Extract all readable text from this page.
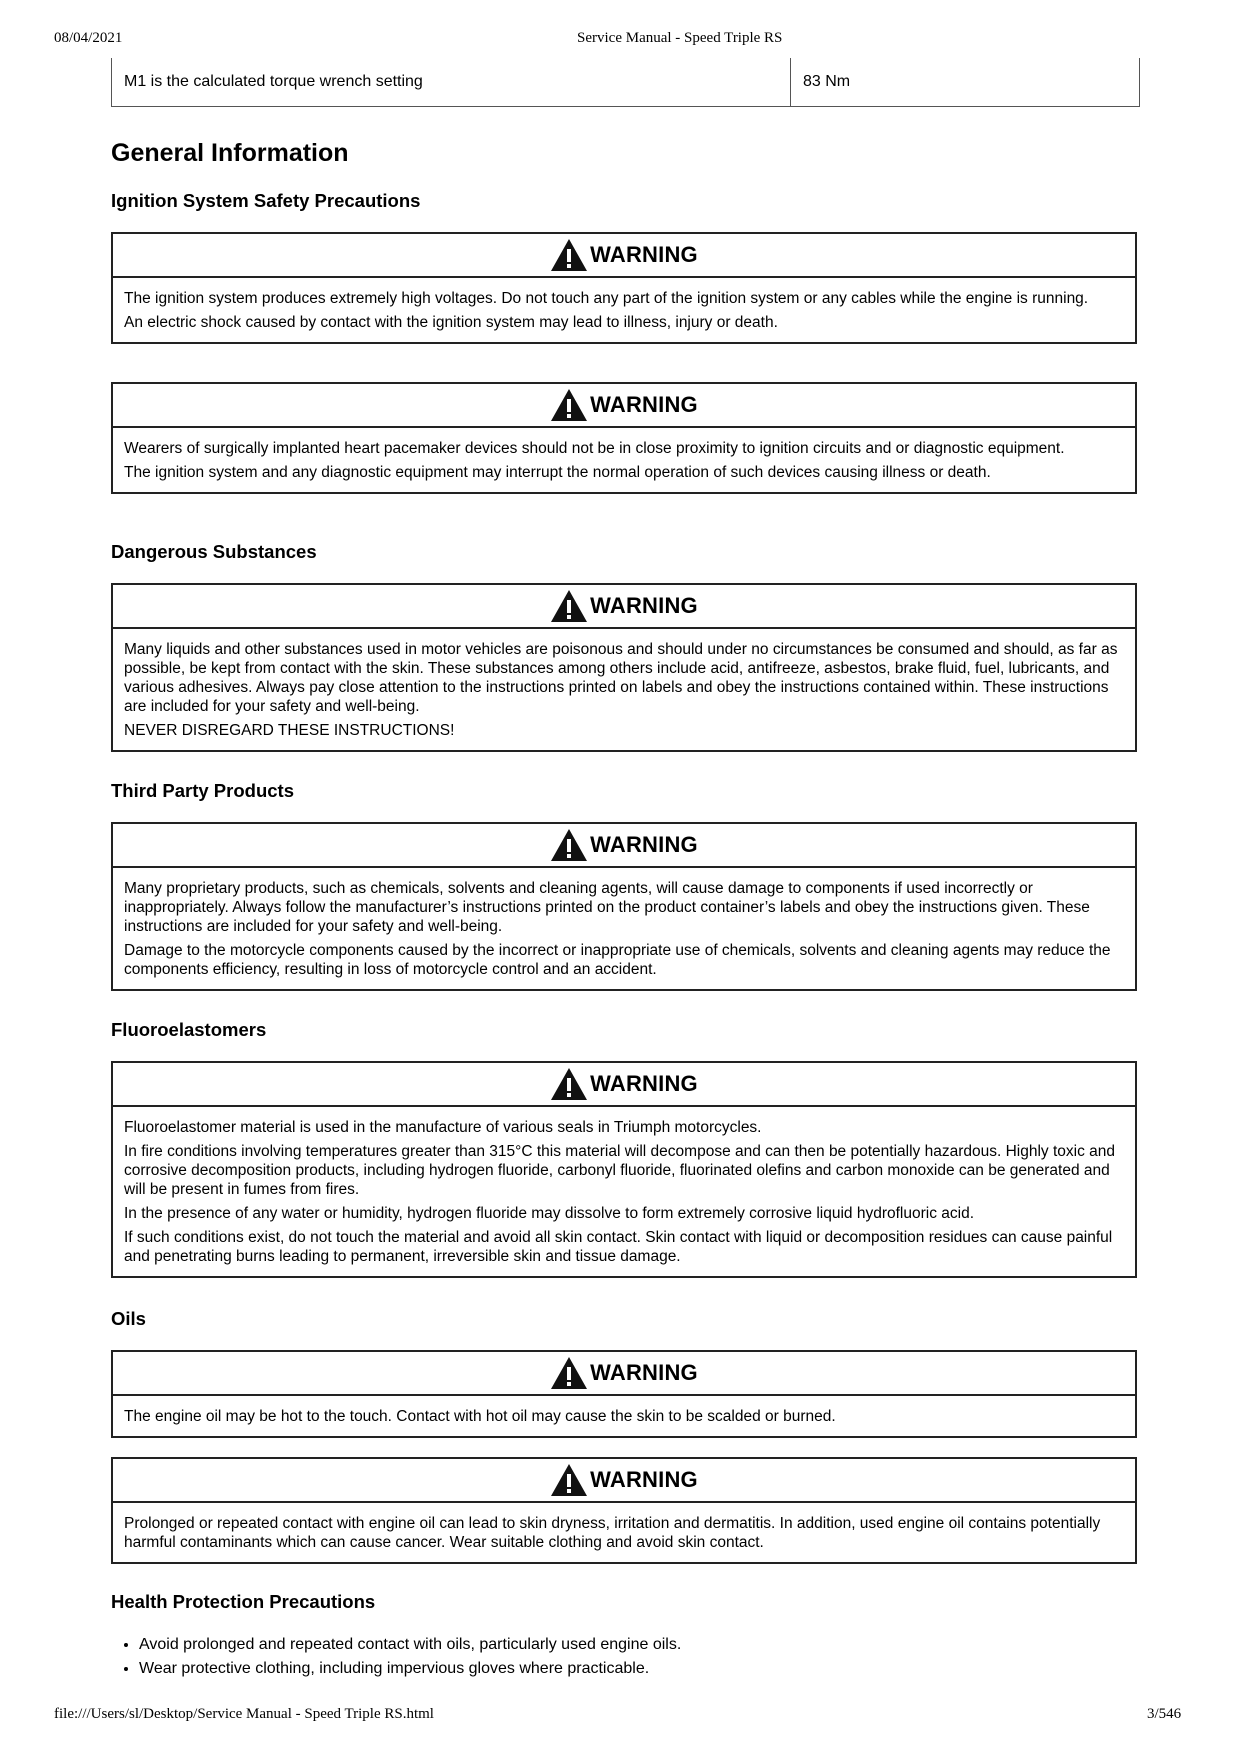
08/04/2021	Service Manual - Speed Triple RS
M1 is the calculated torque wrench setting	83 Nm
General Information
Ignition System Safety Precautions
WARNING

The ignition system produces extremely high voltages. Do not touch any part of the ignition system or any cables while the engine is running.

An electric shock caused by contact with the ignition system may lead to illness, injury or death.

WARNING

Wearers of surgically implanted heart pacemaker devices should not be in close proximity to ignition circuits and or diagnostic equipment.

The ignition system and any diagnostic equipment may interrupt the normal operation of such devices causing illness or death.

Dangerous Substances
WARNING

Many liquids and other substances used in motor vehicles are poisonous and should under no circumstances be consumed and should, as far as possible, be kept from contact with the skin. These substances among others include acid, antifreeze, asbestos, brake fluid, fuel, lubricants, and various adhesives. Always pay close attention to the instructions printed on labels and obey the instructions contained within. These instructions are included for your safety and well-being.

NEVER DISREGARD THESE INSTRUCTIONS!

Third Party Products
WARNING

Many proprietary products, such as chemicals, solvents and cleaning agents, will cause damage to components if used incorrectly or inappropriately. Always follow the manufacturer’s instructions printed on the product container’s labels and obey the instructions given. These instructions are included for your safety and well-being.

Damage to the motorcycle components caused by the incorrect or inappropriate use of chemicals, solvents and cleaning agents may reduce the components efficiency, resulting in loss of motorcycle control and an accident.

Fluoroelastomers
WARNING

Fluoroelastomer material is used in the manufacture of various seals in Triumph motorcycles.

In fire conditions involving temperatures greater than 315°C this material will decompose and can then be potentially hazardous. Highly toxic and corrosive decomposition products, including hydrogen fluoride, carbonyl fluoride, fluorinated olefins and carbon monoxide can be generated and will be present in fumes from fires.

In the presence of any water or humidity, hydrogen fluoride may dissolve to form extremely corrosive liquid hydrofluoric acid.

If such conditions exist, do not touch the material and avoid all skin contact. Skin contact with liquid or decomposition residues can cause painful and penetrating burns leading to permanent, irreversible skin and tissue damage.

Oils
WARNING

The engine oil may be hot to the touch. Contact with hot oil may cause the skin to be scalded or burned.

WARNING

Prolonged or repeated contact with engine oil can lead to skin dryness, irritation and dermatitis. In addition, used engine oil contains potentially harmful contaminants which can cause cancer. Wear suitable clothing and avoid skin contact.

Health Protection Precautions
• Avoid prolonged and repeated contact with oils, particularly used engine oils.
• Wear protective clothing, including impervious gloves where practicable.
file:///Users/sl/Desktop/Service Manual - Speed Triple RS.html	3/546
